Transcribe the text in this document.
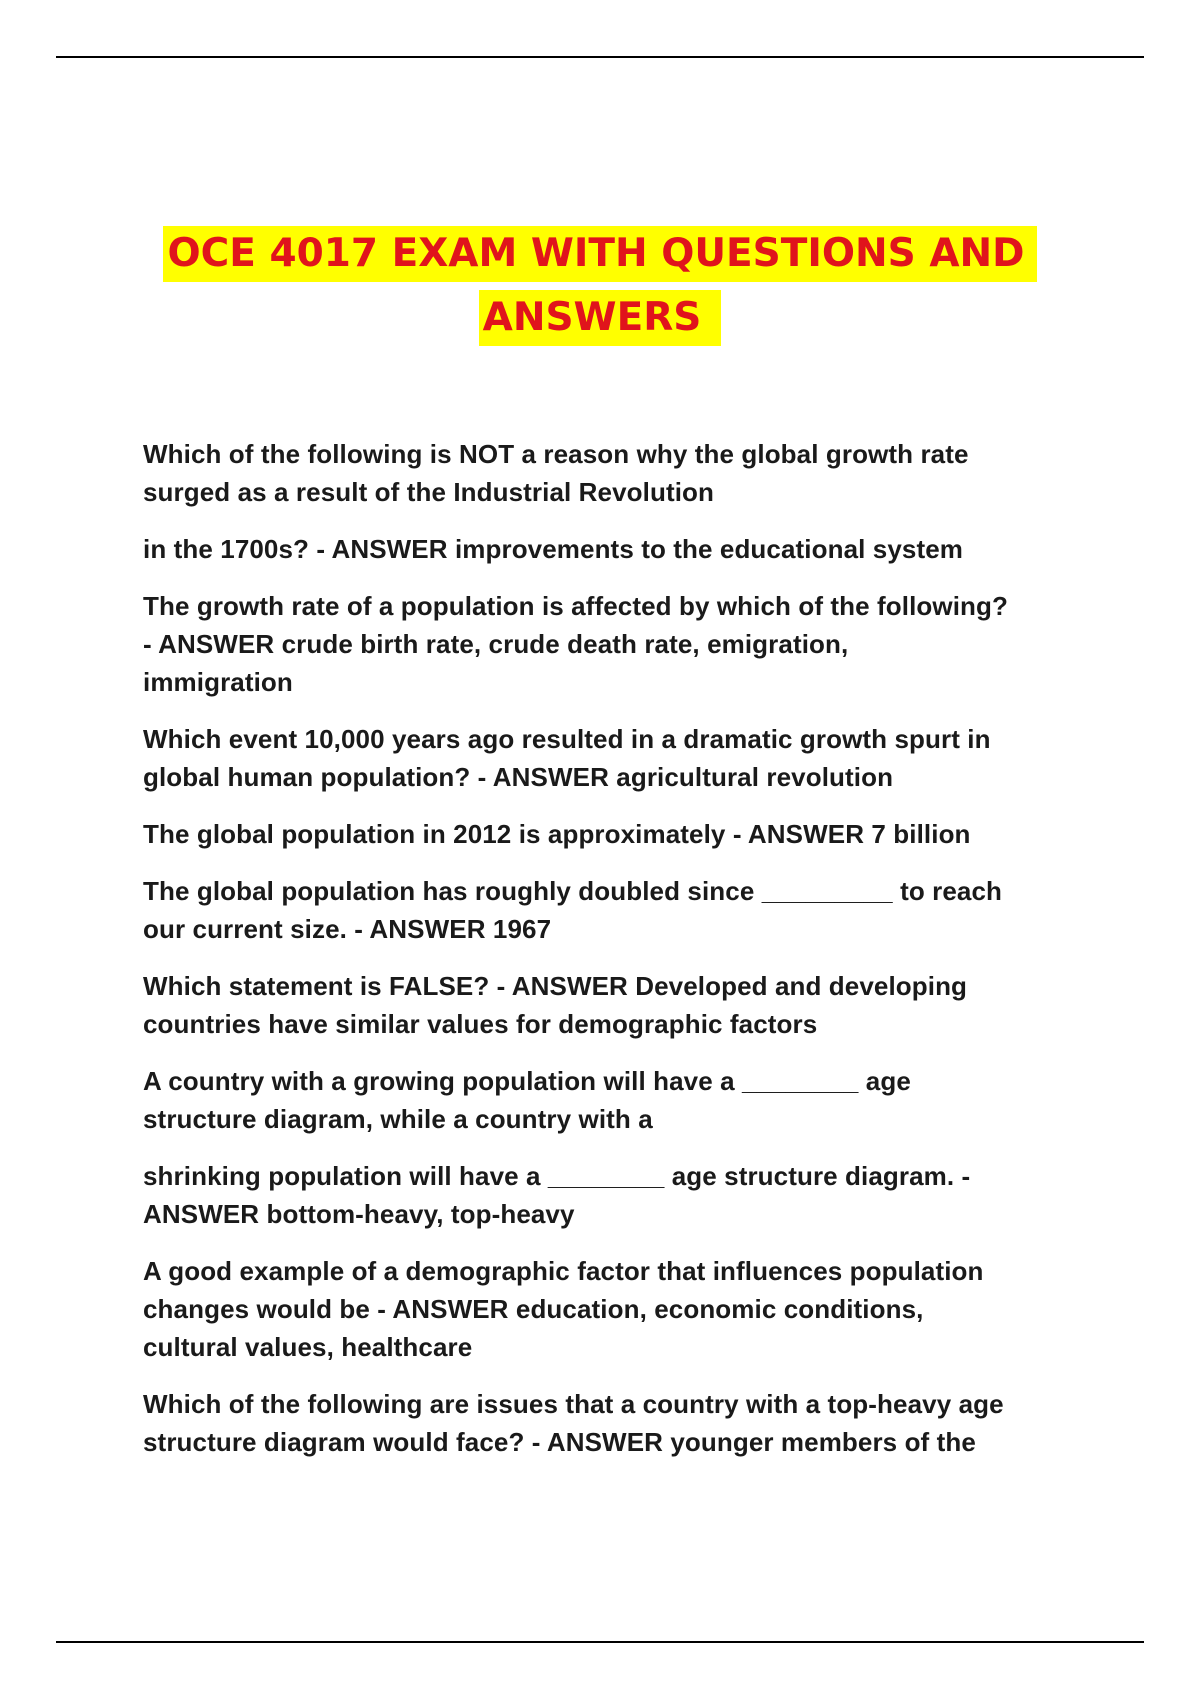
OCE 4017 EXAM WITH QUESTIONS AND
ANSWERS

Which of the following is NOT a reason why the global growth rate
surged as a result of the Industrial Revolution

in the 1700s? - ANSWER improvements to the educational system

The growth rate of a population is affected by which of the following?
- ANSWER crude birth rate, crude death rate, emigration,
immigration

Which event 10,000 years ago resulted in a dramatic growth spurt in
global human population? - ANSWER agricultural revolution

The global population in 2012 is approximately - ANSWER 7 billion

The global population has roughly doubled since _________ to reach
our current size. - ANSWER 1967

Which statement is FALSE? - ANSWER Developed and developing
countries have similar values for demographic factors

A country with a growing population will have a ________ age
structure diagram, while a country with a

shrinking population will have a ________ age structure diagram. -
ANSWER bottom-heavy, top-heavy

A good example of a demographic factor that influences population
changes would be - ANSWER education, economic conditions,
cultural values, healthcare

Which of the following are issues that a country with a top-heavy age
structure diagram would face? - ANSWER younger members of the
